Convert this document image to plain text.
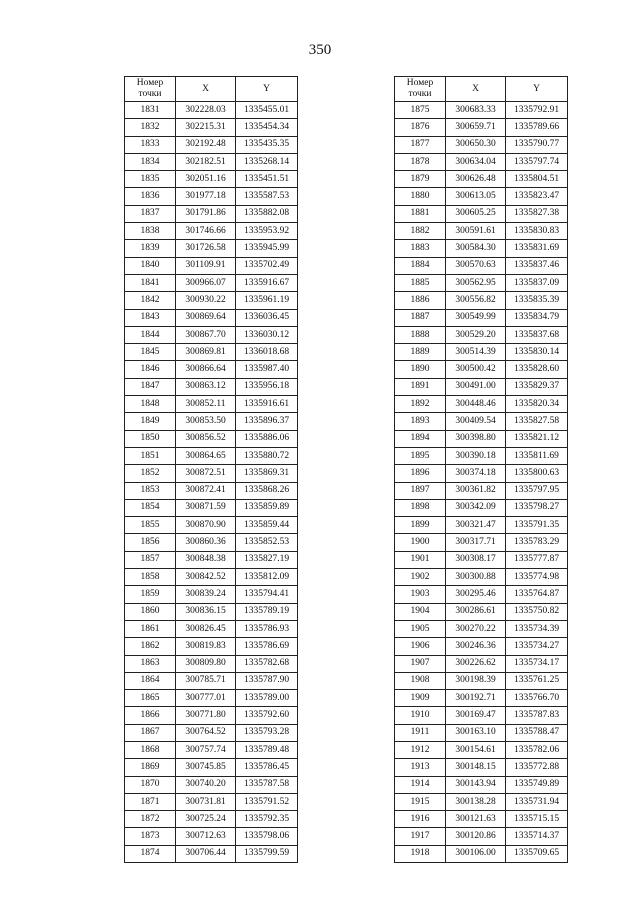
350
Номер точки	X	Y
1831	302228.03	1335455.01
1832	302215.31	1335454.34
1833	302192.48	1335435.35
1834	302182.51	1335268.14
1835	302051.16	1335451.51
1836	301977.18	1335587.53
1837	301791.86	1335882.08
1838	301746.66	1335953.92
1839	301726.58	1335945.99
1840	301109.91	1335702.49
1841	300966.07	1335916.67
1842	300930.22	1335961.19
1843	300869.64	1336036.45
1844	300867.70	1336030.12
1845	300869.81	1336018.68
1846	300866.64	1335987.40
1847	300863.12	1335956.18
1848	300852.11	1335916.61
1849	300853.50	1335896.37
1850	300856.52	1335886.06
1851	300864.65	1335880.72
1852	300872.51	1335869.31
1853	300872.41	1335868.26
1854	300871.59	1335859.89
1855	300870.90	1335859.44
1856	300860.36	1335852.53
1857	300848.38	1335827.19
1858	300842.52	1335812.09
1859	300839.24	1335794.41
1860	300836.15	1335789.19
1861	300826.45	1335786.93
1862	300819.83	1335786.69
1863	300809.80	1335782.68
1864	300785.71	1335787.90
1865	300777.01	1335789.00
1866	300771.80	1335792.60
1867	300764.52	1335793.28
1868	300757.74	1335789.48
1869	300745.85	1335786.45
1870	300740.20	1335787.58
1871	300731.81	1335791.52
1872	300725.24	1335792.35
1873	300712.63	1335798.06
1874	300706.44	1335799.59
Номер точки	X	Y
1875	300683.33	1335792.91
1876	300659.71	1335789.66
1877	300650.30	1335790.77
1878	300634.04	1335797.74
1879	300626.48	1335804.51
1880	300613.05	1335823.47
1881	300605.25	1335827.38
1882	300591.61	1335830.83
1883	300584.30	1335831.69
1884	300570.63	1335837.46
1885	300562.95	1335837.09
1886	300556.82	1335835.39
1887	300549.99	1335834.79
1888	300529.20	1335837.68
1889	300514.39	1335830.14
1890	300500.42	1335828.60
1891	300491.00	1335829.37
1892	300448.46	1335820.34
1893	300409.54	1335827.58
1894	300398.80	1335821.12
1895	300390.18	1335811.69
1896	300374.18	1335800.63
1897	300361.82	1335797.95
1898	300342.09	1335798.27
1899	300321.47	1335791.35
1900	300317.71	1335783.29
1901	300308.17	1335777.87
1902	300300.88	1335774.98
1903	300295.46	1335764.87
1904	300286.61	1335750.82
1905	300270.22	1335734.39
1906	300246.36	1335734.27
1907	300226.62	1335734.17
1908	300198.39	1335761.25
1909	300192.71	1335766.70
1910	300169.47	1335787.83
1911	300163.10	1335788.47
1912	300154.61	1335782.06
1913	300148.15	1335772.88
1914	300143.94	1335749.89
1915	300138.28	1335731.94
1916	300121.63	1335715.15
1917	300120.86	1335714.37
1918	300106.00	1335709.65
